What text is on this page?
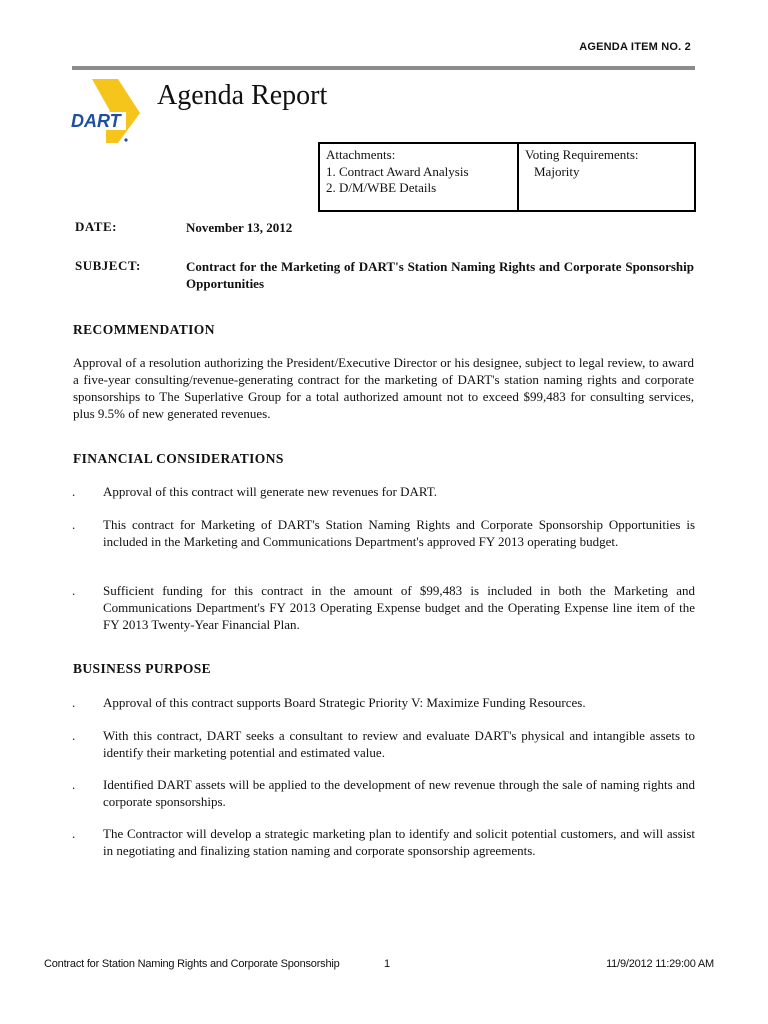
AGENDA ITEM NO. 2
DART
Agenda Report
Attachments:
1. Contract Award Analysis
2. D/M/WBE Details
Voting Requirements:
Majority
DATE:	November 13, 2012
SUBJECT:	Contract for the Marketing of DART's Station Naming Rights and Corporate Sponsorship Opportunities
RECOMMENDATION
Approval of a resolution authorizing the President/Executive Director or his designee, subject to legal review, to award a five-year consulting/revenue-generating contract for the marketing of DART's station naming rights and corporate sponsorships to The Superlative Group for a total authorized amount not to exceed $99,483 for consulting services, plus 9.5% of new generated revenues.
FINANCIAL CONSIDERATIONS
. Approval of this contract will generate new revenues for DART.
. This contract for Marketing of DART's Station Naming Rights and Corporate Sponsorship Opportunities is included in the Marketing and Communications Department's approved FY 2013 operating budget.
. Sufficient funding for this contract in the amount of $99,483 is included in both the Marketing and Communications Department's FY 2013 Operating Expense budget and the Operating Expense line item of the FY 2013 Twenty-Year Financial Plan.
BUSINESS PURPOSE
. Approval of this contract supports Board Strategic Priority V: Maximize Funding Resources.
. With this contract, DART seeks a consultant to review and evaluate DART's physical and intangible assets to identify their marketing potential and estimated value.
. Identified DART assets will be applied to the development of new revenue through the sale of naming rights and corporate sponsorships.
. The Contractor will develop a strategic marketing plan to identify and solicit potential customers, and will assist in negotiating and finalizing station naming and corporate sponsorship agreements.
Contract for Station Naming Rights and Corporate Sponsorship	1	11/9/2012 11:29:00 AM
